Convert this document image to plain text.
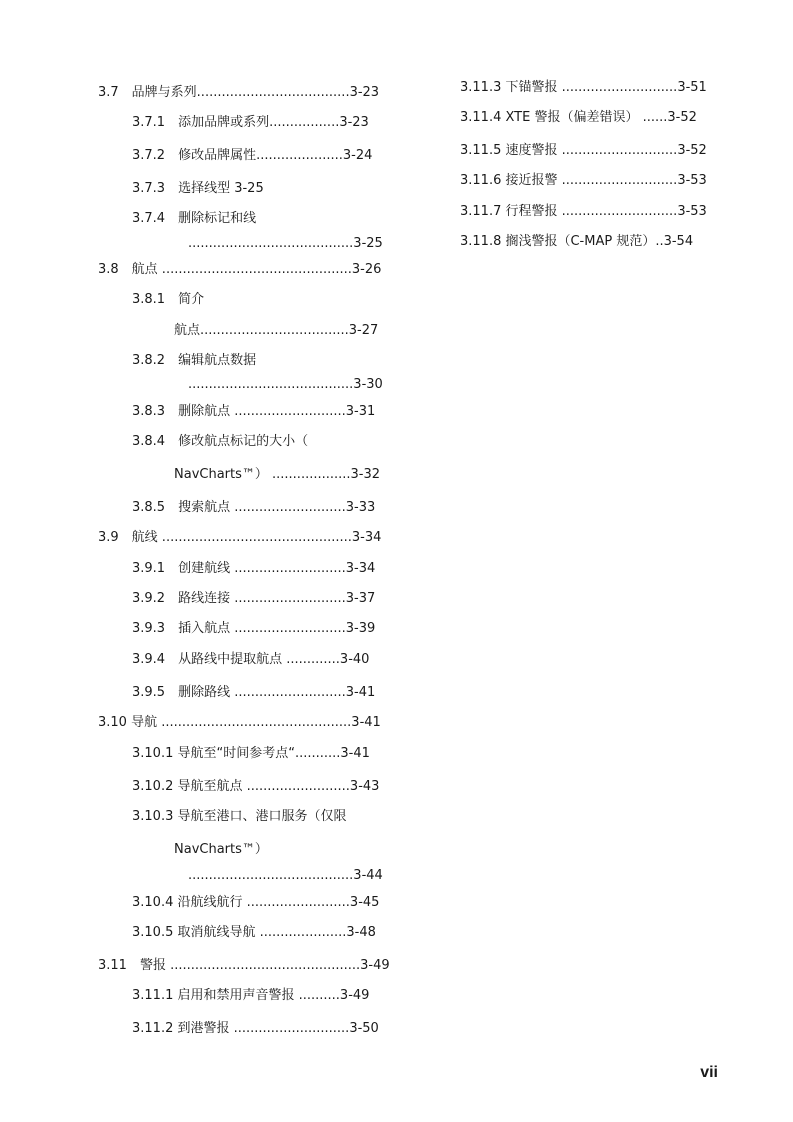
3.7　品牌与系列.....................................3-23
3.7.1　添加品牌或系列.................3-23
3.7.2　修改品牌属性.....................3-24
3.7.3　选择线型 3-25
3.7.4　删除标记和线
........................................3-25
3.8　航点 ..............................................3-26
3.8.1　简介
航点....................................3-27
3.8.2　编辑航点数据
........................................3-30
3.8.3　删除航点 ...........................3-31
3.8.4　修改航点标记的大小（
NavCharts™） ...................3-32
3.8.5　搜索航点 ...........................3-33
3.9　航线 ..............................................3-34
3.9.1　创建航线 ...........................3-34
3.9.2　路线连接 ...........................3-37
3.9.3　插入航点 ...........................3-39
3.9.4　从路线中提取航点 .............3-40
3.9.5　删除路线 ...........................3-41
3.10 导航 ..............................................3-41
3.10.1 导航至“时间参考点“...........3-41
3.10.2 导航至航点 .........................3-43
3.10.3 导航至港口、港口服务（仅限
NavCharts™）
........................................3-44
3.10.4 沿航线航行 .........................3-45
3.10.5 取消航线导航 .....................3-48
3.11　警报 ..............................................3-49
3.11.1 启用和禁用声音警报 ..........3-49
3.11.2 到港警报 ............................3-50
3.11.3 下锚警报 ............................3-51
3.11.4 XTE 警报（偏差错误） ......3-52
3.11.5 速度警报 ............................3-52
3.11.6 接近报警 ............................3-53
3.11.7 行程警报 ............................3-53
3.11.8 搁浅警报（C-MAP 规范）..3-54
vii
